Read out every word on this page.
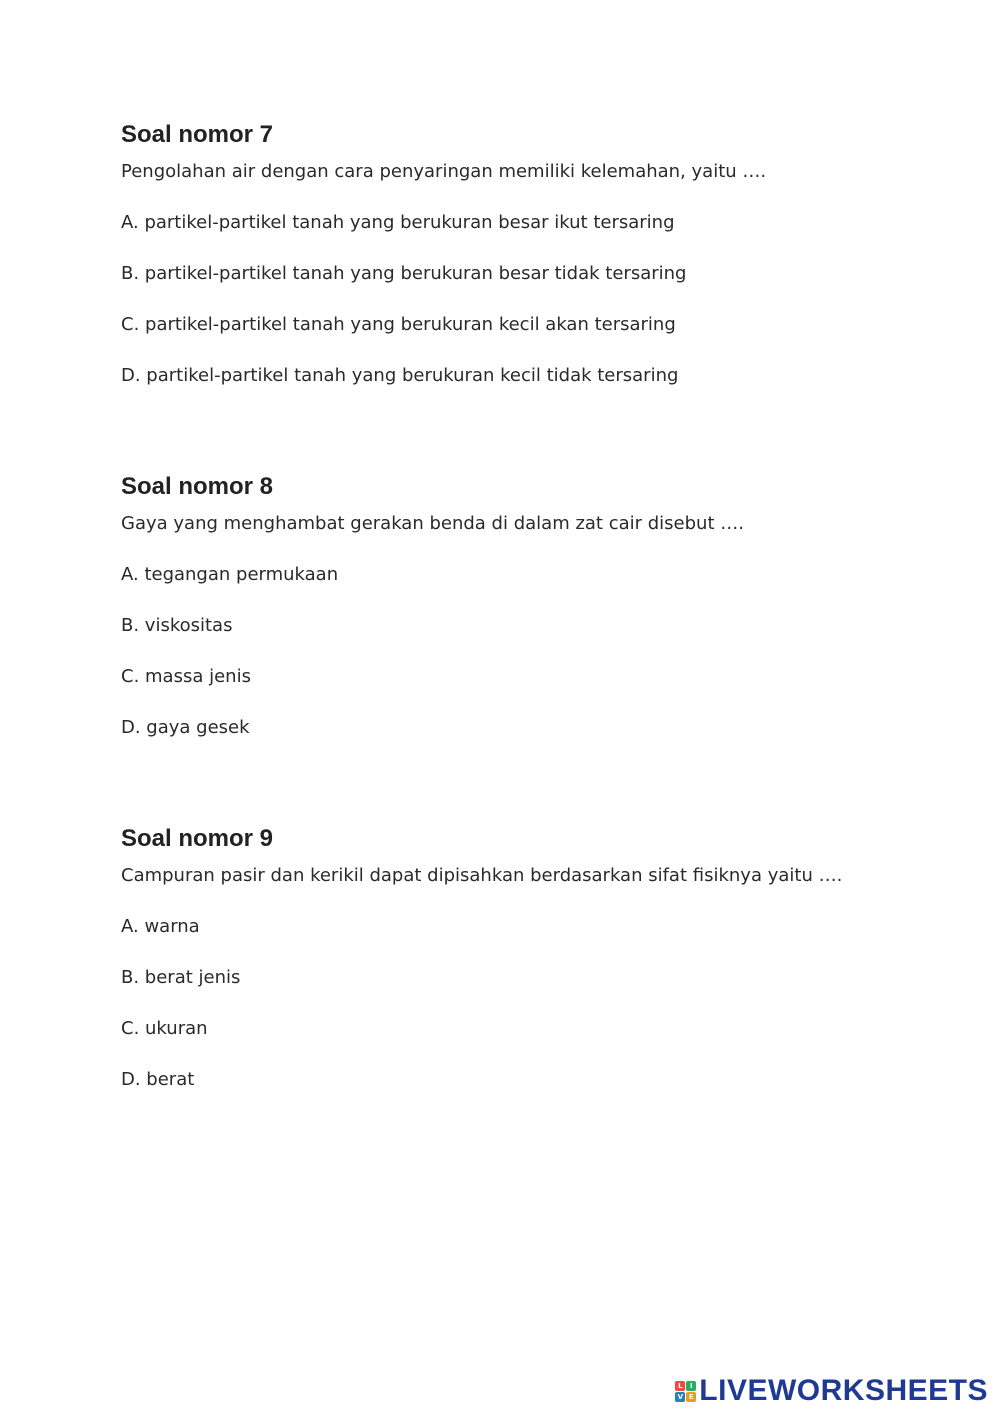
Soal nomor 7

Pengolahan air dengan cara penyaringan memiliki kelemahan, yaitu ….

A. partikel-partikel tanah yang berukuran besar ikut tersaring

B. partikel-partikel tanah yang berukuran besar tidak tersaring

C. partikel-partikel tanah yang berukuran kecil akan tersaring

D. partikel-partikel tanah yang berukuran kecil tidak tersaring

Soal nomor 8

Gaya yang menghambat gerakan benda di dalam zat cair disebut ….

A. tegangan permukaan

B. viskositas

C. massa jenis

D. gaya gesek

Soal nomor 9

Campuran pasir dan kerikil dapat dipisahkan berdasarkan sifat fisiknya yaitu ….

A. warna

B. berat jenis

C. ukuran

D. berat

L	I
V E LIVEWORKSHEETS
